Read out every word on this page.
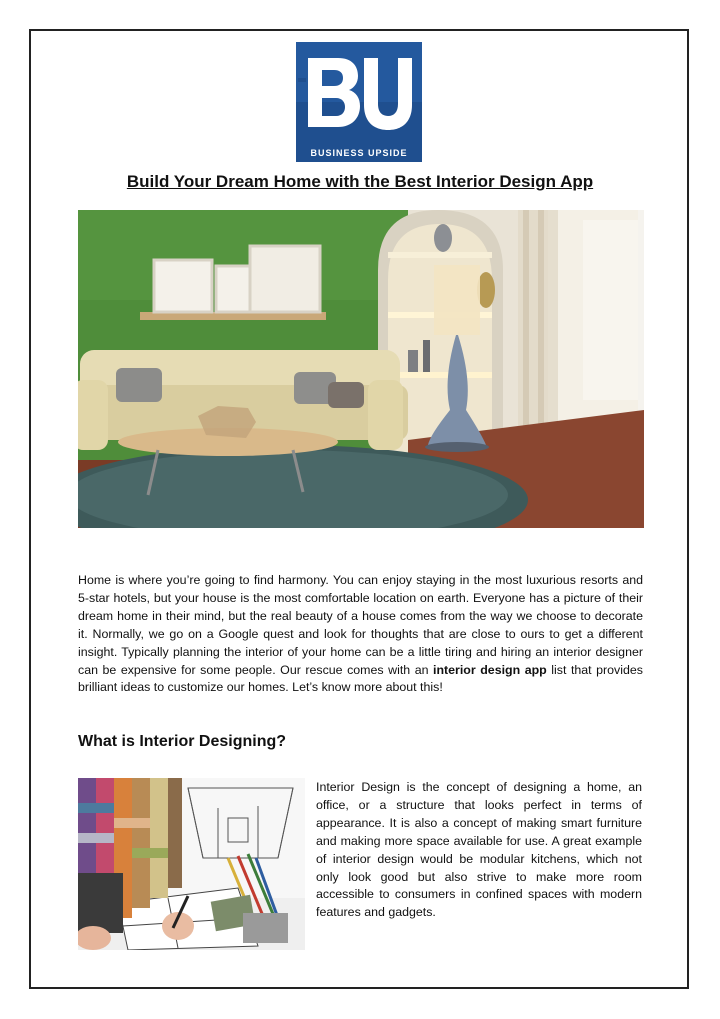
BUSINESS UPSIDE
Build Your Dream Home with the Best Interior Design App
Home is where you’re going to find harmony. You can enjoy staying in the most luxurious resorts and 5-star hotels, but your house is the most comfortable location on earth. Everyone has a picture of their dream home in their mind, but the real beauty of a house comes from the way we choose to decorate it. Normally, we go on a Google quest and look for thoughts that are close to ours to get a different insight. Typically planning the interior of your home can be a little tiring and hiring an interior designer can be expensive for some people. Our rescue comes with an interior design app list that provides brilliant ideas to customize our homes. Let’s know more about this!
What is Interior Designing?
Interior Design is the concept of designing a home, an office, or a structure that looks perfect in terms of appearance. It is also a concept of making smart furniture and making more space available for use. A great example of interior design would be modular kitchens, which not only look good but also strive to make more room accessible to consumers in confined spaces with modern features and gadgets.
